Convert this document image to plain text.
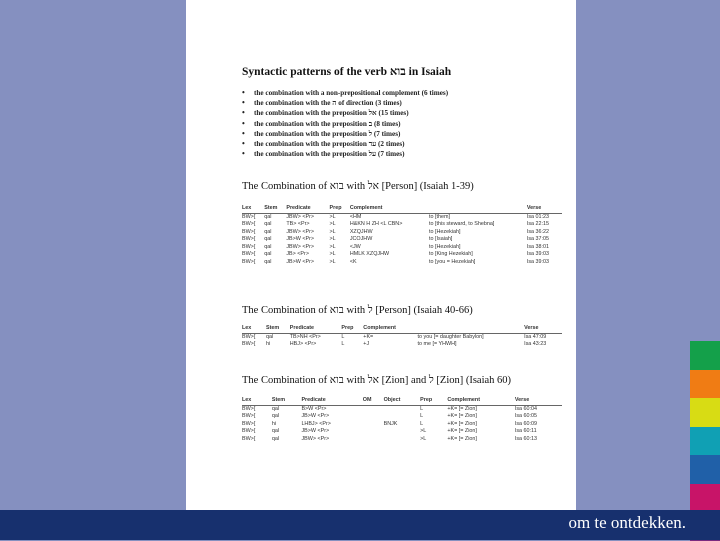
Syntactic patterns of the verb בוא in Isaiah
• the combination with a non-prepositional complement (6 times)
• the combination with the ה of direction (3 times)
• the combination with the preposition אל (15 times)
• the combination with the preposition ב (8 times)
• the combination with the preposition ל (7 times)
• the combination with the preposition עד (2 times)
• the combination with the preposition על (7 times)
The Combination of בוא with אל [Person] (Isaiah 1-39)
Lex	Stem	Predicate	Prep	Complement		Verse
BW>[	qal	JBW> <Pr>	>L	<HM	to [them]	Isa 01:23
BW>[	qal	TB> <Pr>	>L	H&KN H ZH <L CBN>	to [this steward, to Shebna]	Isa 22:15
BW>[	qal	JBW> <Pr>	>L	XZQJHW	to [Hezekiah]	Isa 36:22
BW>[	qal	JB>W <Pr>	>L	JCOJHW	to [Isaiah]	Isa 37:05
BW>[	qal	JBW> <Pr>	>L	<JW	to [Hezekiah]	Isa 38:01
BW>[	qal	JB> <Pr>	>L	HMLK XZQJHW	to [King Hezekiah]	Isa 39:03
BW>[	qal	JB>W <Pr>	>L	<K	to [you = Hezekiah]	Isa 39:03
The Combination of בוא with ל [Person] (Isaiah 40-66)
Lex	Stem	Predicate	Prep	Complement		Verse
BW>[	qal	TB>NH <Pr>	L	+K=	to you [= daughter Babylon]	Isa 47:09
BW>[	hi	HBJ> <Pr>	L	+J	to me [= YHWH]	Isa 43:23
The Combination of בוא with אל [Zion] and ל [Zion] (Isaiah 60)
Lex	Stem	Predicate	OM	Object	Prep	Complement	Verse
BW>[	qal	B>W <Pr>			L	+K= [= Zion]	Isa 60:04
BW>[	qal	JB>W <Pr>			L	+K= [= Zion]	Isa 60:05
BW>[	hi	LHBJ> <Pr>		BNJK	L	+K= [= Zion]	Isa 60:09
BW>[	qal	JB>W <Pr>			>L	+K= [= Zion]	Isa 60:11
BW>[	qal	JBW> <Pr>			>L	+K= [= Zion]	Isa 60:13
om te ontdekken.
